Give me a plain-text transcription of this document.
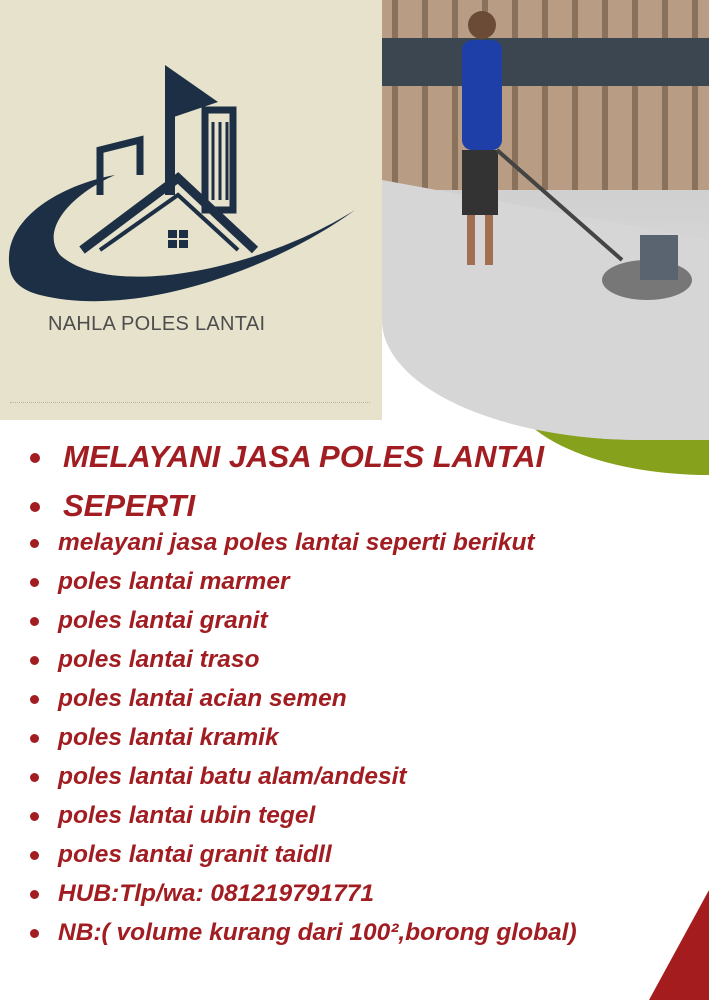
NAHLA POLES LANTAI
MELAYANI JASA POLES LANTAI
SEPERTI
melayani jasa poles lantai seperti berikut
poles lantai marmer
poles lantai granit
poles lantai traso
poles lantai acian semen
poles lantai kramik
poles lantai batu alam/andesit
poles lantai ubin tegel
poles lantai granit taidll
HUB:Tlp/wa: 081219791771
NB:( volume kurang dari 100²,borong global)
